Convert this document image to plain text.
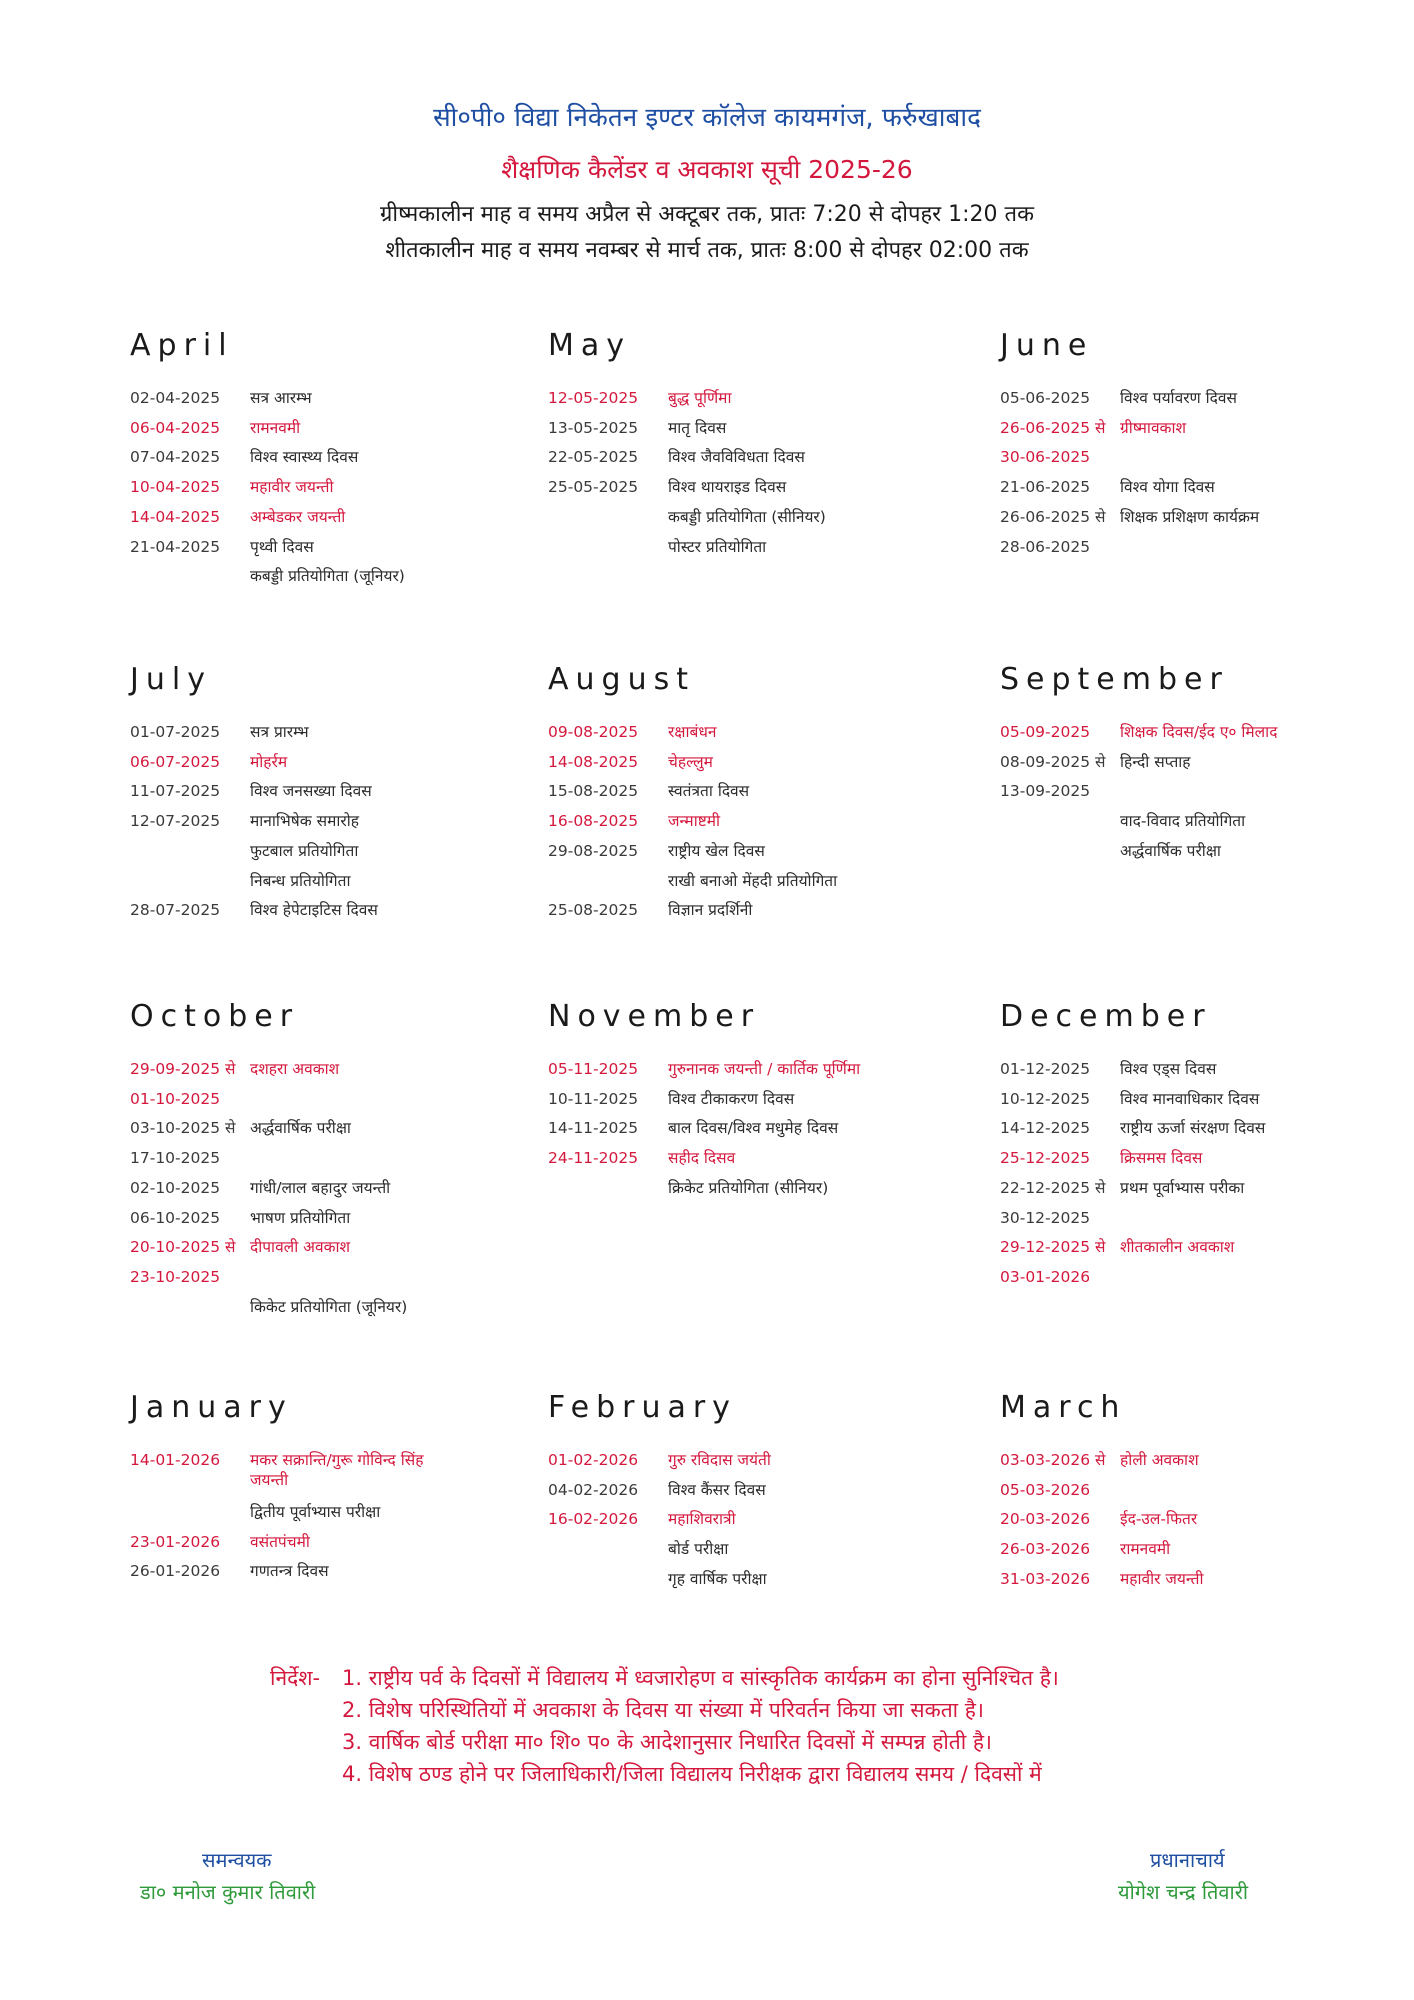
सी०पी० विद्या निकेतन इण्टर कॉलेज कायमगंज, फर्रुखाबाद
शैक्षणिक कैलेंडर व अवकाश सूची 2025-26
ग्रीष्मकालीन माह व समय अप्रैल से अक्टूबर तक, प्रातः 7:20 से दोपहर 1:20 तक
शीतकालीन माह व समय नवम्बर से मार्च तक, प्रातः 8:00 से दोपहर 02:00 तक
April
02-04-2025 सत्र आरम्भ
06-04-2025 रामनवमी
07-04-2025 विश्व स्वास्थ्य दिवस
10-04-2025 महावीर जयन्ती
14-04-2025 अम्बेडकर जयन्ती
21-04-2025 पृथ्वी दिवस
कबड्डी प्रतियोगिता (जूनियर)
May
12-05-2025 बुद्ध पूर्णिमा
13-05-2025 मातृ दिवस
22-05-2025 विश्व जैवविविधता दिवस
25-05-2025 विश्व थायराइड दिवस
कबड्डी प्रतियोगिता (सीनियर)
पोस्टर प्रतियोगिता
June
05-06-2025 विश्व पर्यावरण दिवस
26-06-2025 से ग्रीष्मावकाश
30-06-2025
21-06-2025 विश्व योगा दिवस
26-06-2025 से शिक्षक प्रशिक्षण कार्यक्रम
28-06-2025
July
01-07-2025 सत्र प्रारम्भ
06-07-2025 मोहर्रम
11-07-2025 विश्व जनसख्या दिवस
12-07-2025 मानाभिषेक समारोह
फुटबाल प्रतियोगिता
निबन्ध प्रतियोगिता
28-07-2025 विश्व हेपेटाइटिस दिवस
August
09-08-2025 रक्षाबंधन
14-08-2025 चेहल्लुम
15-08-2025 स्वतंत्रता दिवस
16-08-2025 जन्माष्टमी
29-08-2025 राष्ट्रीय खेल दिवस
राखी बनाओ मेंहदी प्रतियोगिता
25-08-2025 विज्ञान प्रदर्शिनी
September
05-09-2025 शिक्षक दिवस/ईद ए० मिलाद
08-09-2025 से हिन्दी सप्ताह
13-09-2025
वाद-विवाद प्रतियोगिता
अर्द्धवार्षिक परीक्षा
October
29-09-2025 से दशहरा अवकाश
01-10-2025
03-10-2025 से अर्द्धवार्षिक परीक्षा
17-10-2025
02-10-2025 गांधी/लाल बहादुर जयन्ती
06-10-2025 भाषण प्रतियोगिता
20-10-2025 से दीपावली अवकाश
23-10-2025
किकेट प्रतियोगिता (जूनियर)
November
05-11-2025 गुरुनानक जयन्ती / कार्तिक पूर्णिमा
10-11-2025 विश्व टीकाकरण दिवस
14-11-2025 बाल दिवस/विश्व मधुमेह दिवस
24-11-2025 सहीद दिसव
क्रिकेट प्रतियोगिता (सीनियर)
December
01-12-2025 विश्व एड्स दिवस
10-12-2025 विश्व मानवाधिकार दिवस
14-12-2025 राष्ट्रीय ऊर्जा संरक्षण दिवस
25-12-2025 क्रिसमस दिवस
22-12-2025 से प्रथम पूर्वाभ्यास परीका
30-12-2025
29-12-2025 से शीतकालीन अवकाश
03-01-2026
January
14-01-2026 मकर सक्रान्ति/गुरू गोविन्द सिंह जयन्ती
द्वितीय पूर्वाभ्यास परीक्षा
23-01-2026 वसंतपंचमी
26-01-2026 गणतन्त्र दिवस
February
01-02-2026 गुरु रविदास जयंती
04-02-2026 विश्व कैंसर दिवस
16-02-2026 महाशिवरात्री
बोर्ड परीक्षा
गृह वार्षिक परीक्षा
March
03-03-2026 से होली अवकाश
05-03-2026
20-03-2026 ईद-उल-फितर
26-03-2026 रामनवमी
31-03-2026 महावीर जयन्ती
निर्देश- 1. राष्ट्रीय पर्व के दिवसों में विद्यालय में ध्वजारोहण व सांस्कृतिक कार्यक्रम का होना सुनिश्चित है।
2. विशेष परिस्थितियों में अवकाश के दिवस या संख्या में परिवर्तन किया जा सकता है।
3. वार्षिक बोर्ड परीक्षा मा० शि० प० के आदेशानुसार निधारित दिवसों में सम्पन्न होती है।
4. विशेष ठण्ड होने पर जिलाधिकारी/जिला विद्यालय निरीक्षक द्वारा विद्यालय समय / दिवसों में
समन्वयक
डा० मनोज कुमार तिवारी
प्रधानाचार्य
योगेश चन्द्र तिवारी
